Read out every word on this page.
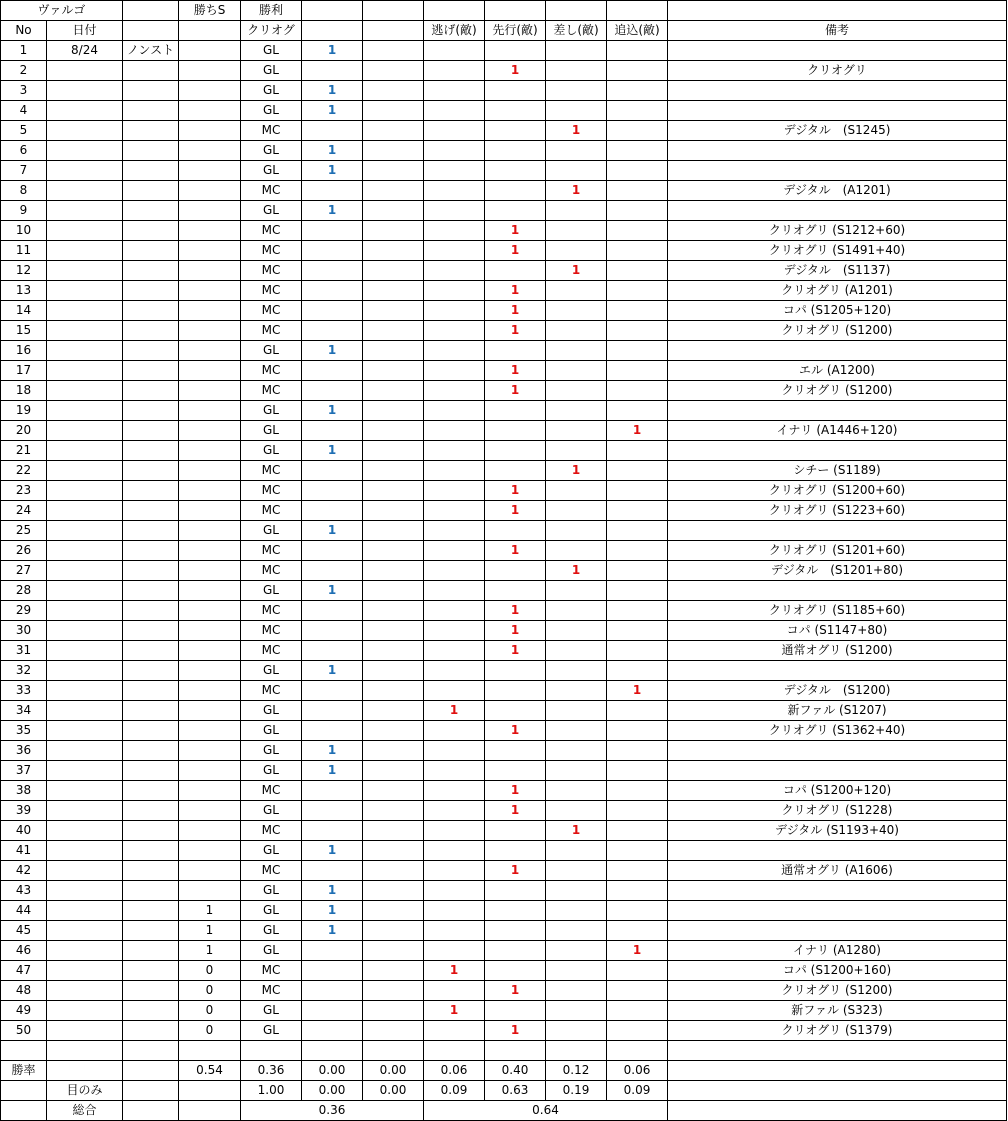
ヴァルゴ			勝ちS	勝利							
No	日付			クリオグ			逃げ(敵)	先行(敵)	差し(敵)	追込(敵)	備考
1	8/24	ノンスト		GL	1						
2				GL				1			クリオグリ
3				GL	1						
4				GL	1						
5				MC					1		デジタル　(S1245)
6				GL	1						
7				GL	1						
8				MC					1		デジタル　(A1201)
9				GL	1						
10				MC				1			クリオグリ (S1212+60)
11				MC				1			クリオグリ (S1491+40)
12				MC					1		デジタル　(S1137)
13				MC				1			クリオグリ (A1201)
14				MC				1			コパ (S1205+120)
15				MC				1			クリオグリ (S1200)
16				GL	1						
17				MC				1			エル (A1200)
18				MC				1			クリオグリ (S1200)
19				GL	1						
20				GL						1	イナリ (A1446+120)
21				GL	1						
22				MC					1		シチー (S1189)
23				MC				1			クリオグリ (S1200+60)
24				MC				1			クリオグリ (S1223+60)
25				GL	1						
26				MC				1			クリオグリ (S1201+60)
27				MC					1		デジタル　(S1201+80)
28				GL	1						
29				MC				1			クリオグリ (S1185+60)
30				MC				1			コパ (S1147+80)
31				MC				1			通常オグリ (S1200)
32				GL	1						
33				MC						1	デジタル　(S1200)
34				GL			1				新ファル (S1207)
35				GL				1			クリオグリ (S1362+40)
36				GL	1						
37				GL	1						
38				MC				1			コパ (S1200+120)
39				GL				1			クリオグリ (S1228)
40				MC					1		デジタル (S1193+40)
41				GL	1						
42				MC				1			通常オグリ (A1606)
43				GL	1						
44			1	GL	1						
45			1	GL	1						
46			1	GL						1	イナリ (A1280)
47			0	MC			1				コパ (S1200+160)
48			0	MC				1			クリオグリ (S1200)
49			0	GL			1				新ファル (S323)
50			0	GL				1			クリオグリ (S1379)

勝率			0.54	0.36	0.00	0.00	0.06	0.40	0.12	0.06	
	目のみ			1.00	0.00	0.00	0.09	0.63	0.19	0.09	
	総合			0.36			0.64				
